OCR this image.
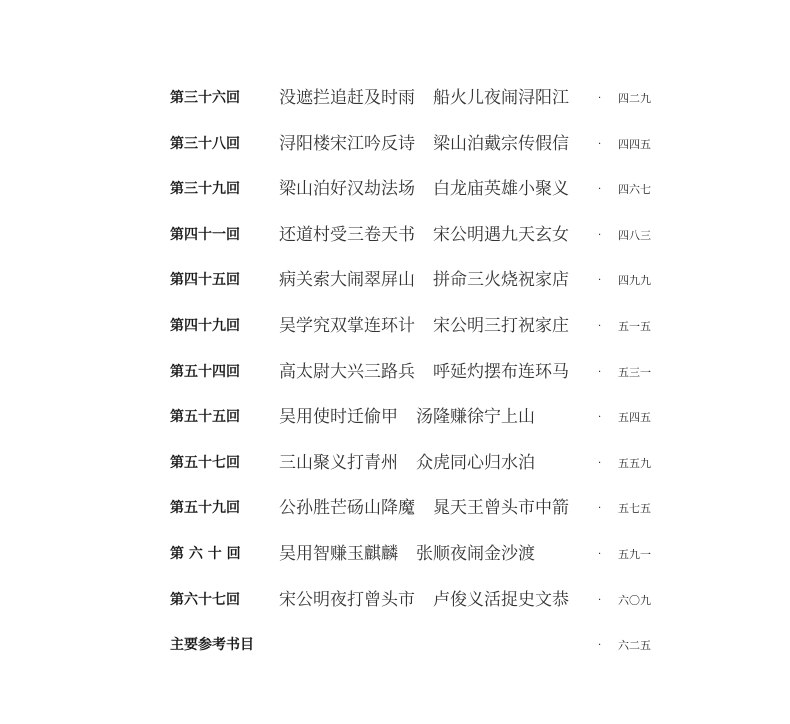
第三十六回 没遮拦追赶及时雨 船火儿夜闹浔阳江	· 四二九
第三十八回 浔阳楼宋江吟反诗 梁山泊戴宗传假信	· 四四五
第三十九回 梁山泊好汉劫法场 白龙庙英雄小聚义	· 四六七
第四十一回 还道村受三卷天书 宋公明遇九天玄女	· 四八三
第四十五回 病关索大闹翠屏山 拼命三火烧祝家店	· 四九九
第四十九回 吴学究双掌连环计 宋公明三打祝家庄	· 五一五
第五十四回 高太尉大兴三路兵 呼延灼摆布连环马	· 五三一
第五十五回 吴用使时迁偷甲 汤隆赚徐宁上山	· 五四五
第五十七回 三山聚义打青州 众虎同心归水泊	· 五五九
第五十九回 公孙胜芒砀山降魔 晁天王曾头市中箭	· 五七五
第 六 十 回 吴用智赚玉麒麟 张顺夜闹金沙渡	· 五九一
第六十七回 宋公明夜打曾头市 卢俊义活捉史文恭	· 六〇九
主要参考书目	· 六二五
